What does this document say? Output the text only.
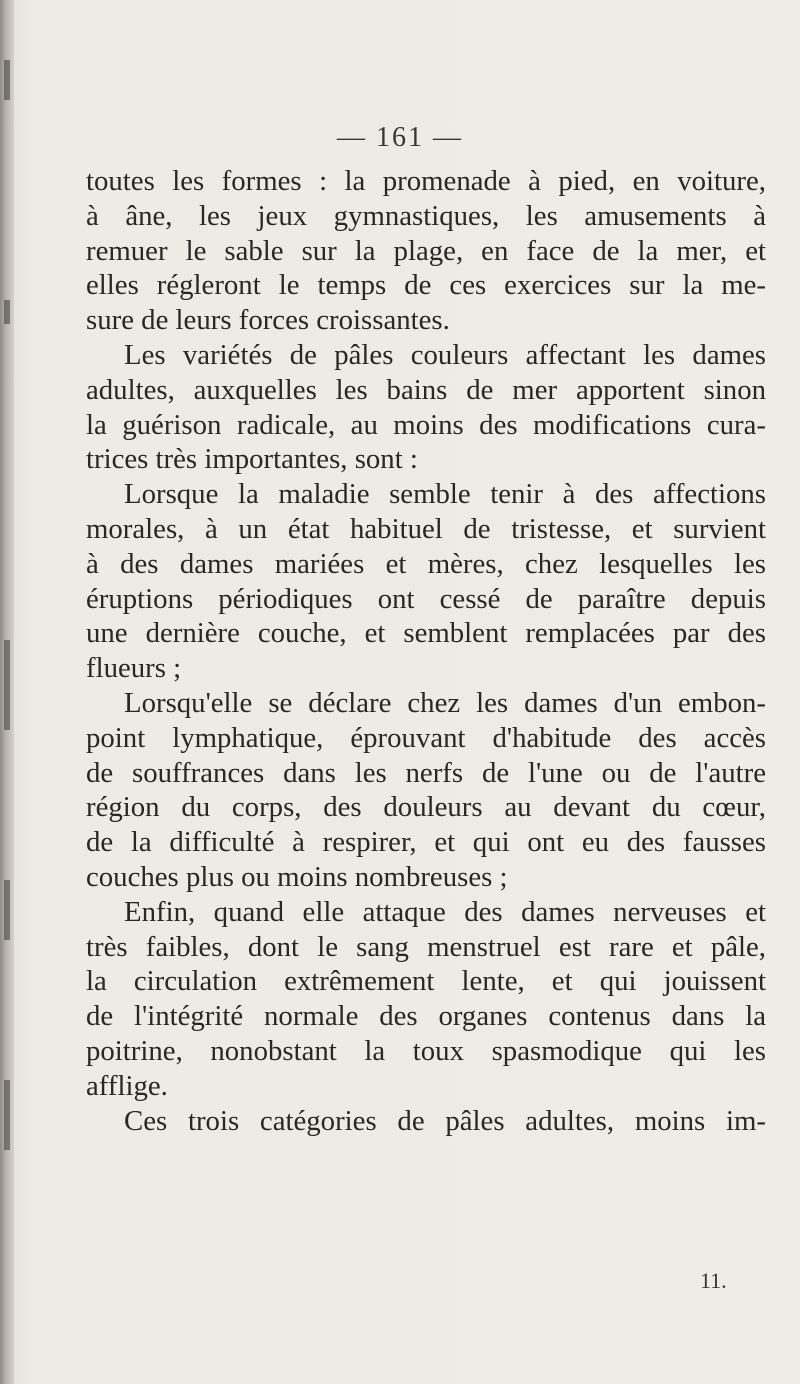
— 161 —
toutes les formes : la promenade à pied, en voiture,
à âne, les jeux gymnastiques, les amusements à
remuer le sable sur la plage, en face de la mer, et
elles régleront le temps de ces exercices sur la me-
sure de leurs forces croissantes.
Les variétés de pâles couleurs affectant les dames
adultes, auxquelles les bains de mer apportent sinon
la guérison radicale, au moins des modifications cura-
trices très importantes, sont :
Lorsque la maladie semble tenir à des affections
morales, à un état habituel de tristesse, et survient
à des dames mariées et mères, chez lesquelles les
éruptions périodiques ont cessé de paraître depuis
une dernière couche, et semblent remplacées par des
flueurs ;
Lorsqu'elle se déclare chez les dames d'un embon-
point lymphatique, éprouvant d'habitude des accès
de souffrances dans les nerfs de l'une ou de l'autre
région du corps, des douleurs au devant du cœur,
de la difficulté à respirer, et qui ont eu des fausses
couches plus ou moins nombreuses ;
Enfin, quand elle attaque des dames nerveuses et
très faibles, dont le sang menstruel est rare et pâle,
la circulation extrêmement lente, et qui jouissent
de l'intégrité normale des organes contenus dans la
poitrine, nonobstant la toux spasmodique qui les
afflige.
Ces trois catégories de pâles adultes, moins im-
11.
